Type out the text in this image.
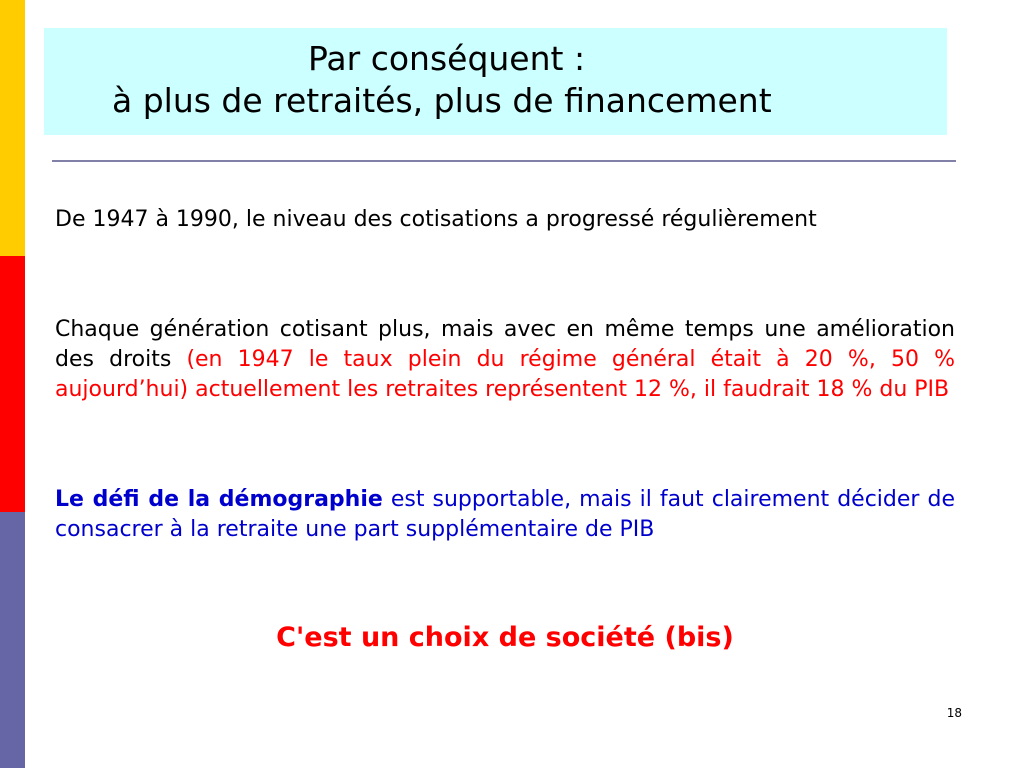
Par conséquent :
à plus de retraités, plus de financement
De 1947 à 1990, le niveau des cotisations a progressé régulièrement
Chaque génération cotisant plus, mais avec en même temps une amélioration des droits (en 1947 le taux plein du régime général était à 20 %, 50 % aujourd’hui) actuellement les retraites représentent 12 %, il faudrait 18 % du PIB
Le défi de la démographie est supportable, mais il faut clairement décider de consacrer à la retraite une part supplémentaire de PIB
C'est un choix de société (bis)
18
